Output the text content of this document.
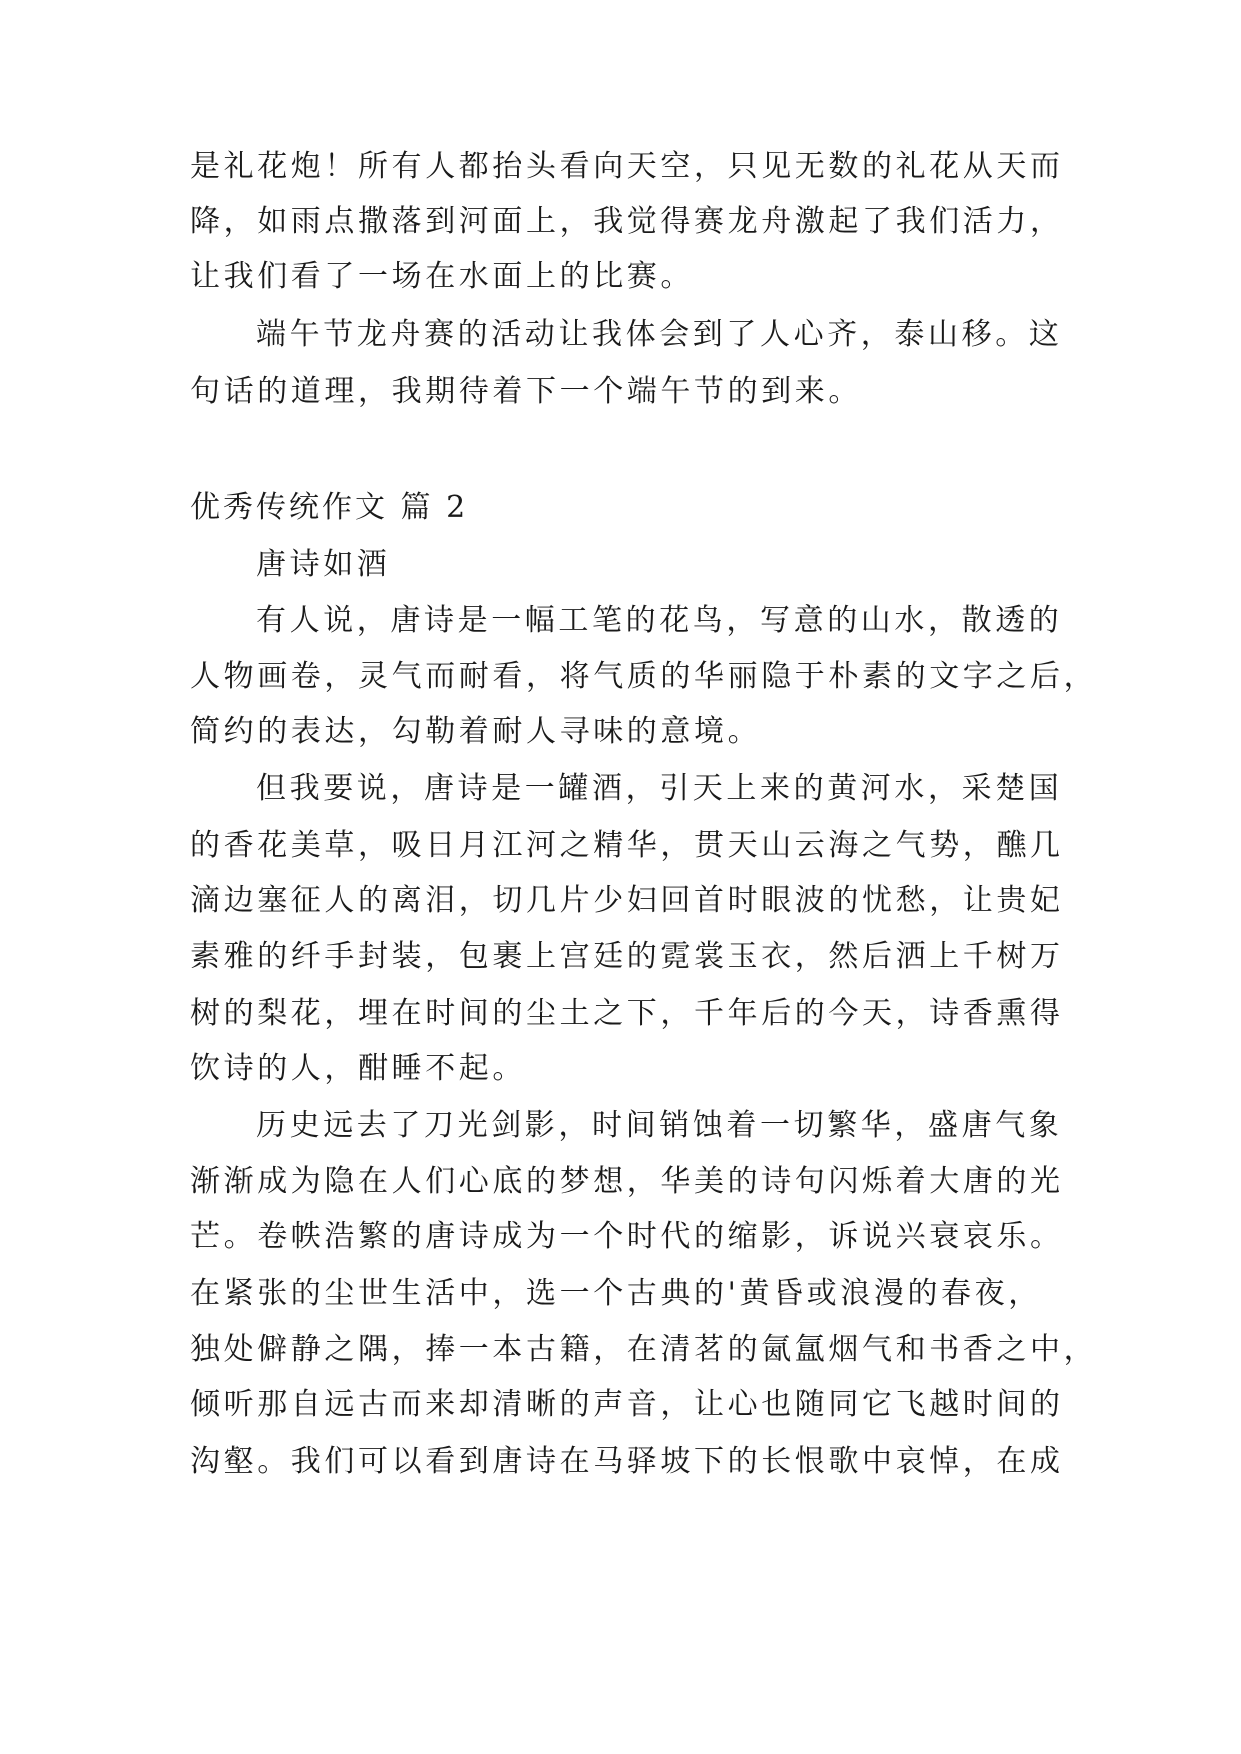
是礼花炮！所有人都抬头看向天空，只见无数的礼花从天而
降，如雨点撒落到河面上，我觉得赛龙舟激起了我们活力，
让我们看了一场在水面上的比赛。
端午节龙舟赛的活动让我体会到了人心齐，泰山移。这
句话的道理，我期待着下一个端午节的到来。
优秀传统作文 篇 2
唐诗如酒
有人说，唐诗是一幅工笔的花鸟，写意的山水，散透的
人物画卷，灵气而耐看，将气质的华丽隐于朴素的文字之后，
简约的表达，勾勒着耐人寻味的意境。
但我要说，唐诗是一罐酒，引天上来的黄河水，采楚国
的香花美草，吸日月江河之精华，贯天山云海之气势，醮几
滴边塞征人的离泪，切几片少妇回首时眼波的忧愁，让贵妃
素雅的纤手封装，包裹上宫廷的霓裳玉衣，然后洒上千树万
树的梨花，埋在时间的尘土之下，千年后的今天，诗香熏得
饮诗的人，酣睡不起。
历史远去了刀光剑影，时间销蚀着一切繁华，盛唐气象
渐渐成为隐在人们心底的梦想，华美的诗句闪烁着大唐的光
芒。卷帙浩繁的唐诗成为一个时代的缩影，诉说兴衰哀乐。
在紧张的尘世生活中，选一个古典的'黄昏或浪漫的春夜，
独处僻静之隅，捧一本古籍，在清茗的氤氲烟气和书香之中，
倾听那自远古而来却清晰的声音，让心也随同它飞越时间的
沟壑。我们可以看到唐诗在马驿坡下的长恨歌中哀悼，在成
